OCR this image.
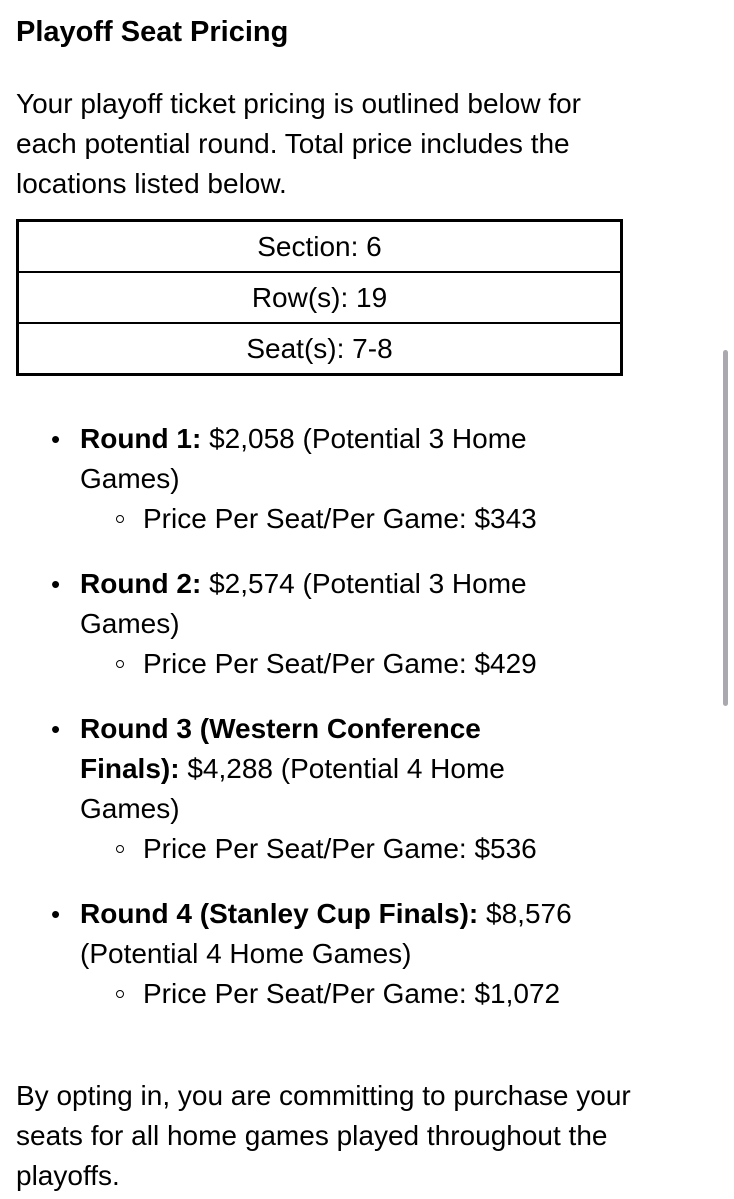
Playoff Seat Pricing

Your playoff ticket pricing is outlined below for each potential round. Total price includes the locations listed below.

Section: 6
Row(s): 19
Seat(s): 7-8
• Round 1: $2,058 (Potential 3 Home Games)
Price Per Seat/Per Game: $343
• Round 2: $2,574 (Potential 3 Home Games)
Price Per Seat/Per Game: $429
• Round 3 (Western Conference Finals): $4,288 (Potential 4 Home Games)
Price Per Seat/Per Game: $536
• Round 4 (Stanley Cup Finals): $8,576 (Potential 4 Home Games)
Price Per Seat/Per Game: $1,072

By opting in, you are committing to purchase your seats for all home games played throughout the playoffs.
